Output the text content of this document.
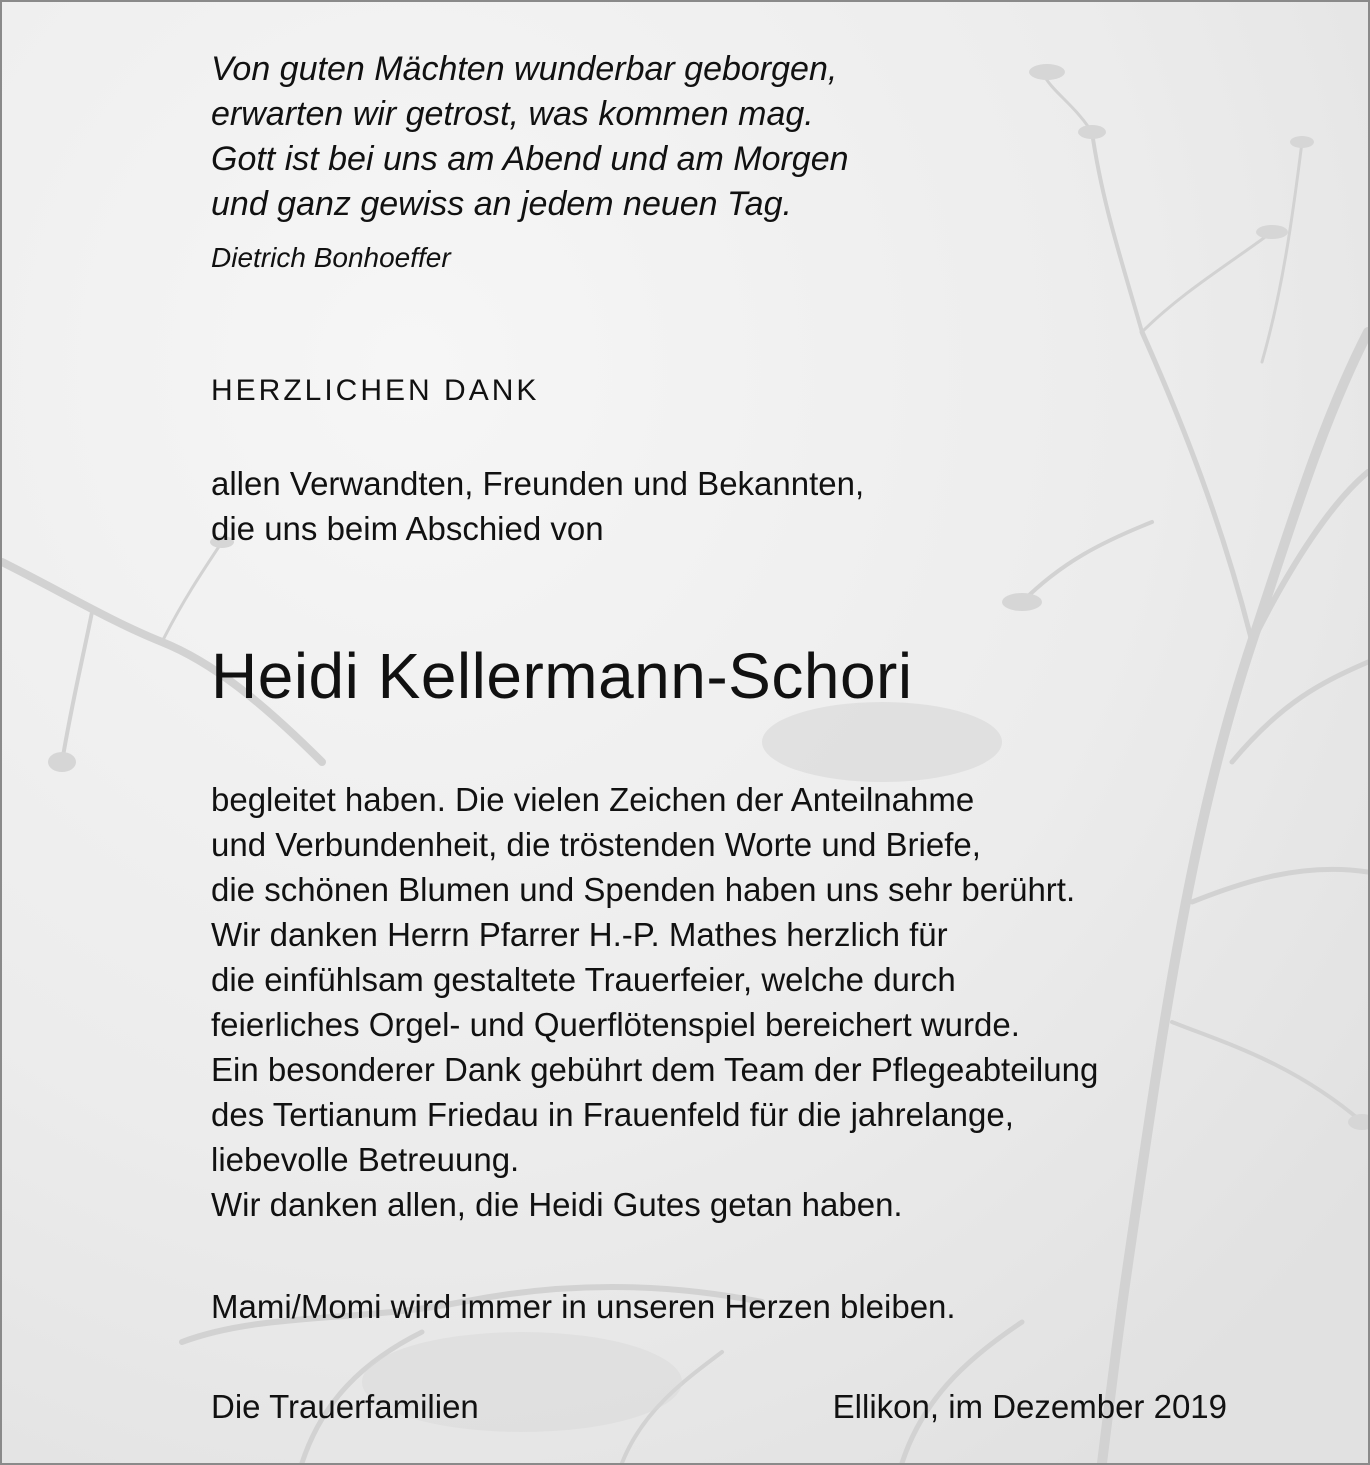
Von guten Mächten wunderbar geborgen,
erwarten wir getrost, was kommen mag.
Gott ist bei uns am Abend und am Morgen
und ganz gewiss an jedem neuen Tag.
Dietrich Bonhoeffer
HERZLICHEN DANK
allen Verwandten, Freunden und Bekannten,
die uns beim Abschied von
Heidi Kellermann-Schori
begleitet haben. Die vielen Zeichen der Anteilnahme
und Verbundenheit, die tröstenden Worte und Briefe,
die schönen Blumen und Spenden haben uns sehr berührt.
Wir danken Herrn Pfarrer H.-P. Mathes herzlich für
die einfühlsam gestaltete Trauerfeier, welche durch
feierliches Orgel- und Querflötenspiel bereichert wurde.
Ein besonderer Dank gebührt dem Team der Pflegeabteilung
des Tertianum Friedau in Frauenfeld für die jahrelange,
liebevolle Betreuung.
Wir danken allen, die Heidi Gutes getan haben.
Mami/Momi wird immer in unseren Herzen bleiben.
Die Trauerfamilien	Ellikon, im Dezember 2019
